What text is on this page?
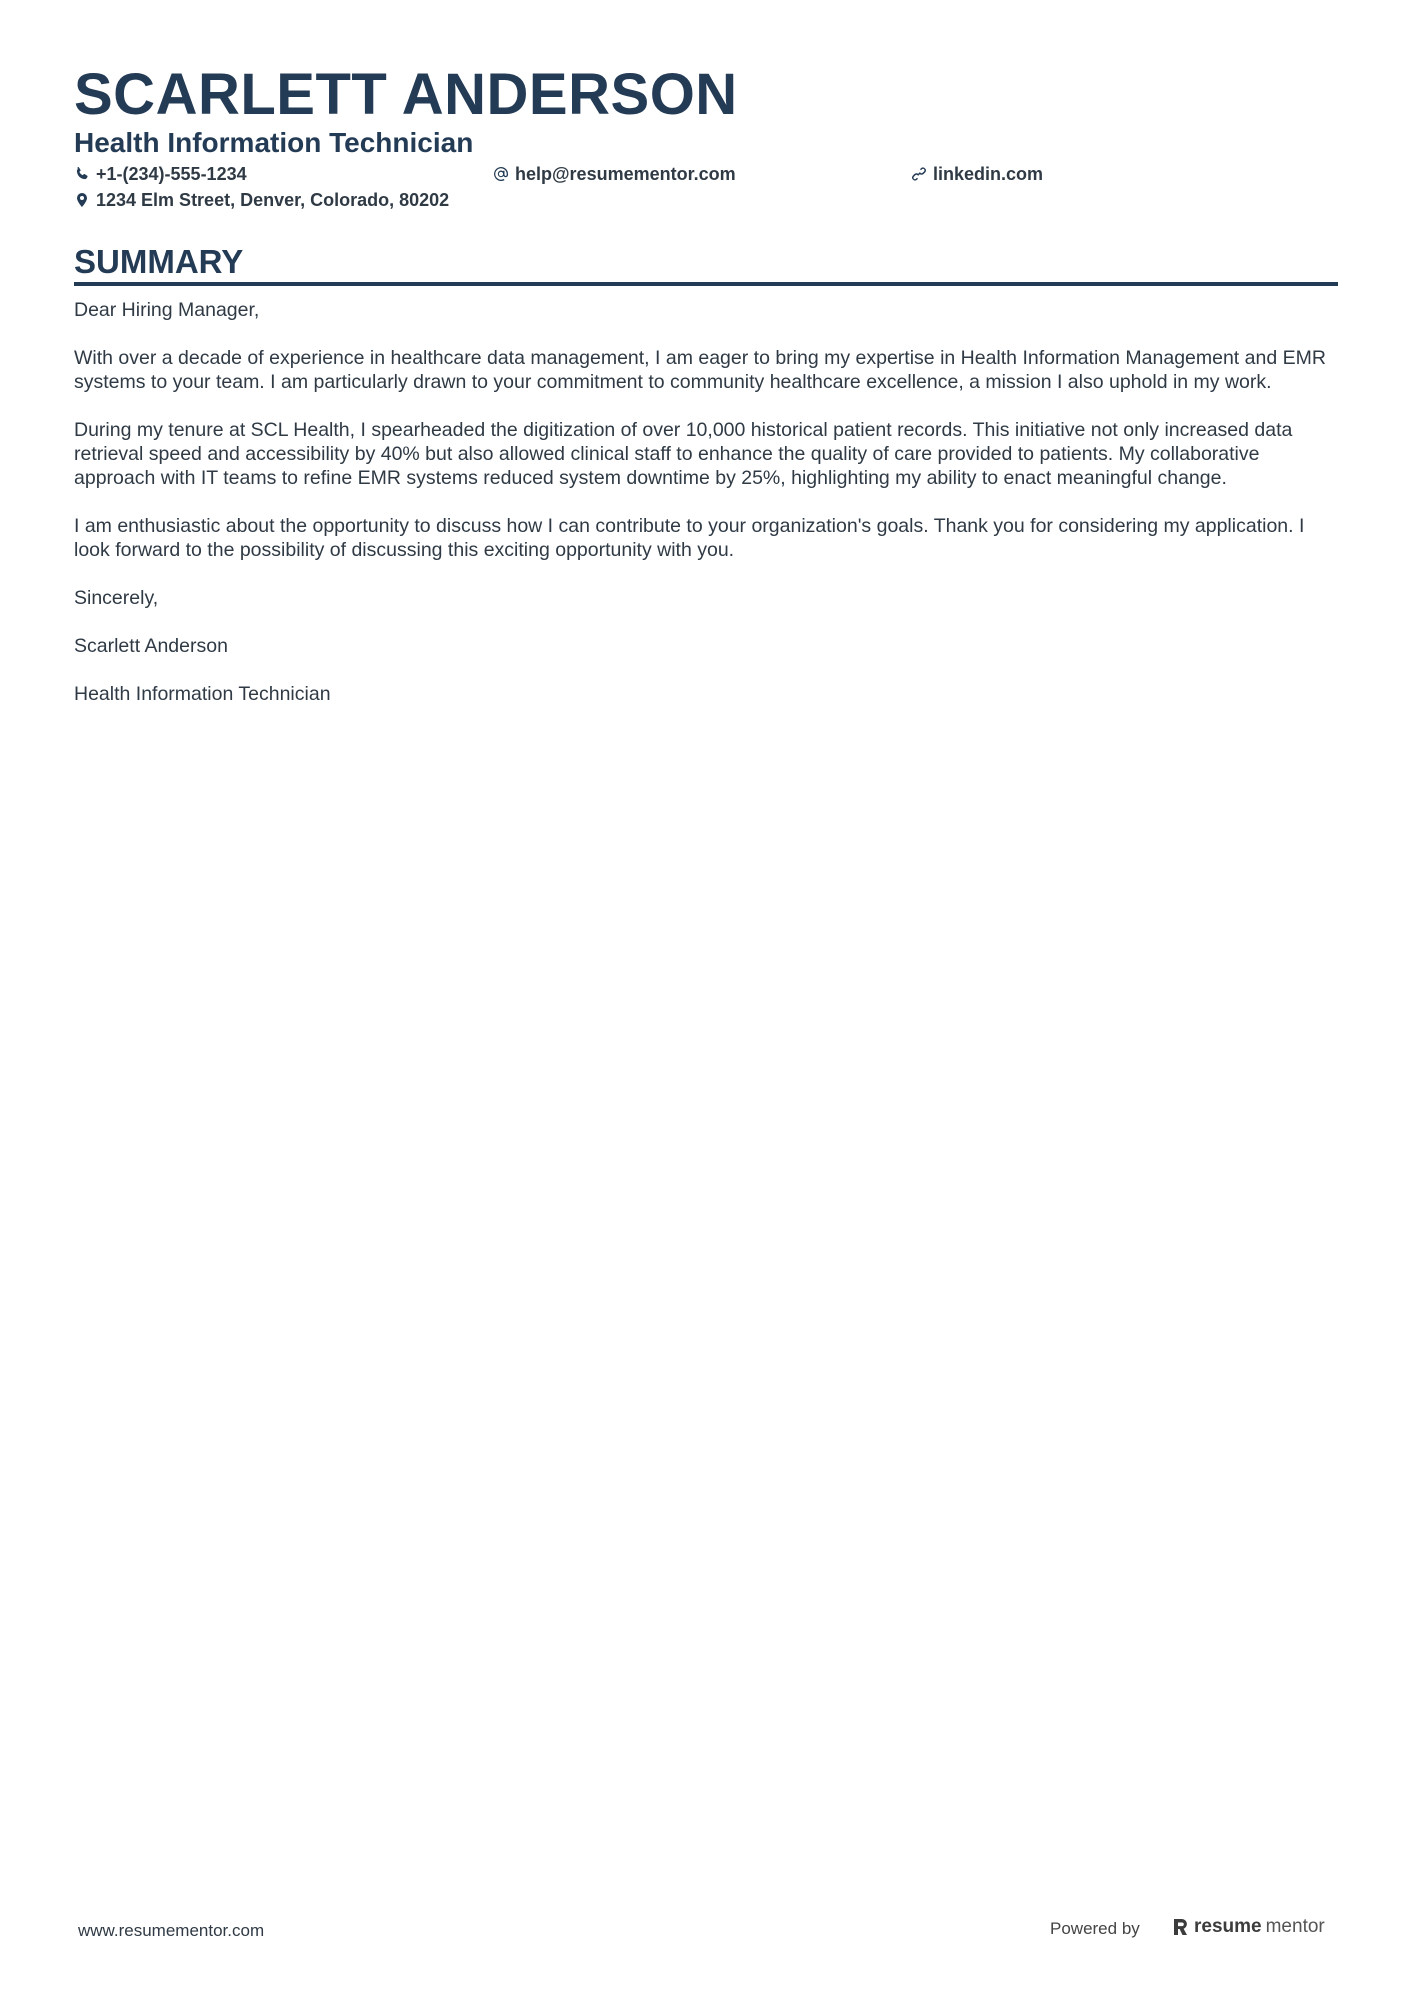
SCARLETT ANDERSON
Health Information Technician
+1-(234)-555-1234	help@resumementor.com	linkedin.com
1234 Elm Street, Denver, Colorado, 80202
SUMMARY

Dear Hiring Manager,

With over a decade of experience in healthcare data management, I am eager to bring my expertise in Health Information Management and EMR systems to your team. I am particularly drawn to your commitment to community healthcare excellence, a mission I also uphold in my work.

During my tenure at SCL Health, I spearheaded the digitization of over 10,000 historical patient records. This initiative not only increased data retrieval speed and accessibility by 40% but also allowed clinical staff to enhance the quality of care provided to patients. My collaborative approach with IT teams to refine EMR systems reduced system downtime by 25%, highlighting my ability to enact meaningful change.

I am enthusiastic about the opportunity to discuss how I can contribute to your organization's goals. Thank you for considering my application. I look forward to the possibility of discussing this exciting opportunity with you.

Sincerely,

Scarlett Anderson

Health Information Technician

www.resumementor.com	Powered by	resume mentor
